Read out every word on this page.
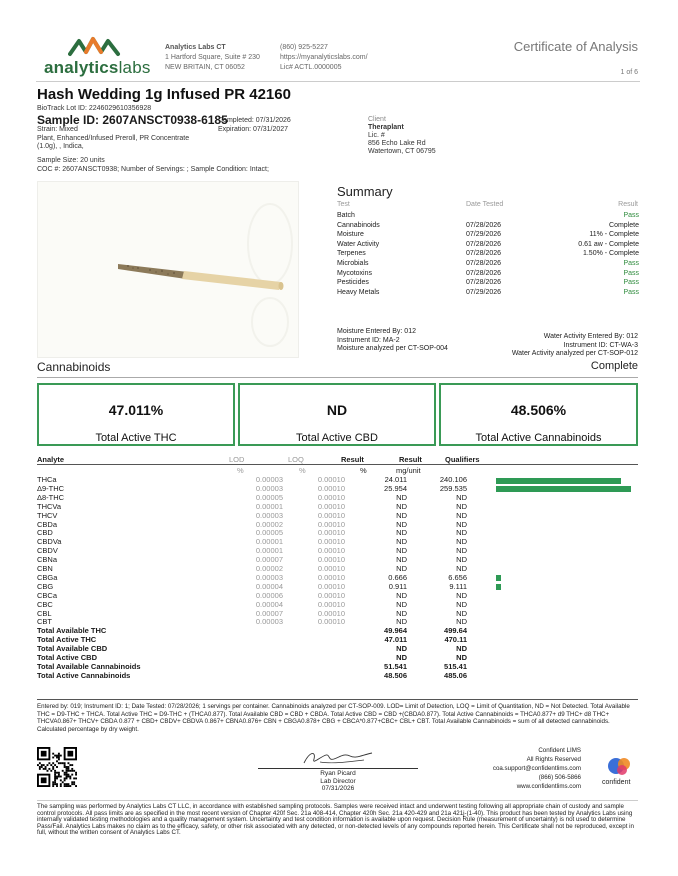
analyticslabs
Analytics Labs CT
1 Hartford Square, Suite # 230
NEW BRITAIN, CT 06052
(860) 925-5227
https://myanalyticslabs.com/
Lic# ACTL.0000005
Certificate of Analysis
1 of 6
Hash Wedding 1g Infused PR 42160
BioTrack Lot ID: 2246029610356928
Sample ID: 2607ANSCT0938-6185
Completed: 07/31/2026
Expiration: 07/31/2027
Strain: Mixed
Plant, Enhanced/Infused Preroll, PR Concentrate
(1.0g), , Indica,
Client
Theraplant
Lic. #
856 Echo Lake Rd
Watertown, CT 06795
Sample Size: 20 units
COC #: 2607ANSCT0938; Number of Servings: ; Sample Condition: Intact;
Summary
Test	Date Tested	Result
Batch	Pass
Cannabinoids	07/28/2026	Complete
Moisture	07/29/2026	11% - Complete
Water Activity	07/28/2026	0.61 aw - Complete
Terpenes	07/28/2026	1.50% - Complete
Microbials	07/28/2026	Pass
Mycotoxins	07/28/2026	Pass
Pesticides	07/28/2026	Pass
Heavy Metals	07/29/2026	Pass
Moisture Entered By: 012
Instrument ID: MA-2
Moisture analyzed per CT-SOP-004
Water Activity Entered By: 012
Instrument ID: CT-WA-3
Water Activity analyzed per CT-SOP-012
Cannabinoids	Complete
47.011%
Total Active THC
ND
Total Active CBD
48.506%
Total Active Cannabinoids
Analyte	LOD	LOQ	Result	Result	Qualifiers
%	%	%	mg/unit
THCa	0.00003	0.00010	24.011	240.106
Δ9-THC	0.00003	0.00010	25.954	259.535
Δ8-THC	0.00005	0.00010	ND	ND
THCVa	0.00001	0.00010	ND	ND
THCV	0.00003	0.00010	ND	ND
CBDa	0.00002	0.00010	ND	ND
CBD	0.00005	0.00010	ND	ND
CBDVa	0.00001	0.00010	ND	ND
CBDV	0.00001	0.00010	ND	ND
CBNa	0.00007	0.00010	ND	ND
CBN	0.00002	0.00010	ND	ND
CBGa	0.00003	0.00010	0.666	6.656
CBG	0.00004	0.00010	0.911	9.111
CBCa	0.00006	0.00010	ND	ND
CBC	0.00004	0.00010	ND	ND
CBL	0.00007	0.00010	ND	ND
CBT	0.00003	0.00010	ND	ND
Total Available THC	49.964	499.64
Total Active THC	47.011	470.11
Total Available CBD	ND	ND
Total Active CBD	ND	ND
Total Available Cannabinoids	51.541	515.41
Total Active Cannabinoids	48.506	485.06
Entered by: 019; Instrument ID: 1; Date Tested: 07/28/2026; 1 servings per container. Cannabinoids analyzed per CT-SOP-009. LOD= Limit of Detection, LOQ = Limit of Quantitation, ND = Not Detected. Total Available THC = D9-THC + THCA. Total Active THC = D9-THC + (THCA0.877). Total Available CBD = CBD + CBDA. Total Active CBD = CBD +(CBDA0.877). Total Active Cannabinoids = THCA0.877+ d9 THC+ d8 THC+ THCVA0.867+ THCV+ CBDA 0.877 + CBD+ CBDV+ CBDVA 0.867+ CBNA0.876+ CBN + CBGA0.878+ CBG + CBCA*0.877+CBC+ CBL+ CBT. Total Available Cannabinoids = sum of all detected cannabinoids. Calculated percentage by dry weight.
Ryan Picard
Lab Director
07/31/2026
Confident LIMS
All Rights Reserved
coa.support@confidentlims.com
(866) 506-5866
www.confidentlims.com
confident
The sampling was performed by Analytics Labs CT LLC, in accordance with established sampling protocols. Samples were received intact and underwent testing following all appropriate chain of custody and sample control protocols. All pass limits are as specified in the most recent version of Chapter 420f Sec. 21a 408-414, Chapter 420h Sec. 21a 420-429 and 21a 421j-(1-40). This product has been tested by Analytics Labs using internally validated testing methodologies and a quality management system. Uncertainty and test condition information is available upon request. Decision Rule (measurement of uncertainty) is not used to determine Pass/Fail. Analytics Labs makes no claim as to the efficacy, safety, or other risk associated with any detected, or non-detected levels of any compounds reported herein. This Certificate shall not be reproduced, except in full, without the written consent of Analytics Labs CT.
